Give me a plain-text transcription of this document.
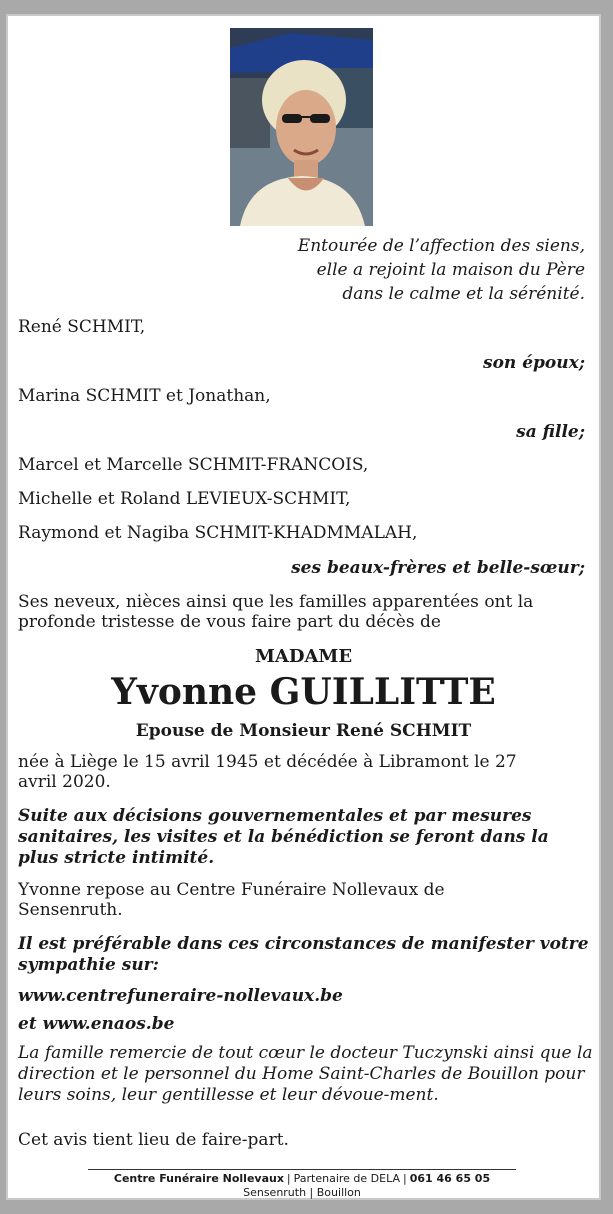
Entourée de l’affection des siens,
elle a rejoint la maison du Père
dans le calme et la sérénité.
René SCHMIT,
son époux;
Marina SCHMIT et Jonathan,
sa fille;
Marcel et Marcelle SCHMIT-FRANCOIS,
Michelle et Roland LEVIEUX-SCHMIT,
Raymond et Nagiba SCHMIT-KHADMMALAH,
ses beaux-frères et belle-sœur;
Ses neveux, nièces ainsi que les familles apparentées ont la profonde tristesse de vous faire part du décès de
MADAME
Yvonne GUILLITTE
Epouse de Monsieur René SCHMIT
née à Liège le 15 avril 1945 et décédée à Libramont le 27 avril 2020.
Suite aux décisions gouvernementales et par mesures sanitaires, les visites et la bénédiction se feront dans la plus stricte intimité.
Yvonne repose au Centre Funéraire Nollevaux de Sensenruth.
Il est préférable dans ces circonstances de manifester votre sympathie sur:
www.centrefuneraire-nollevaux.be
et www.enaos.be
La famille remercie de tout cœur le docteur Tuczynski ainsi que la direction et le personnel du Home Saint-Charles de Bouillon pour leurs soins, leur gentillesse et leur dévoue-ment.
Cet avis tient lieu de faire-part.
Centre Funéraire Nollevaux | Partenaire de DELA | 061 46 65 05
Sensenruth | Bouillon
